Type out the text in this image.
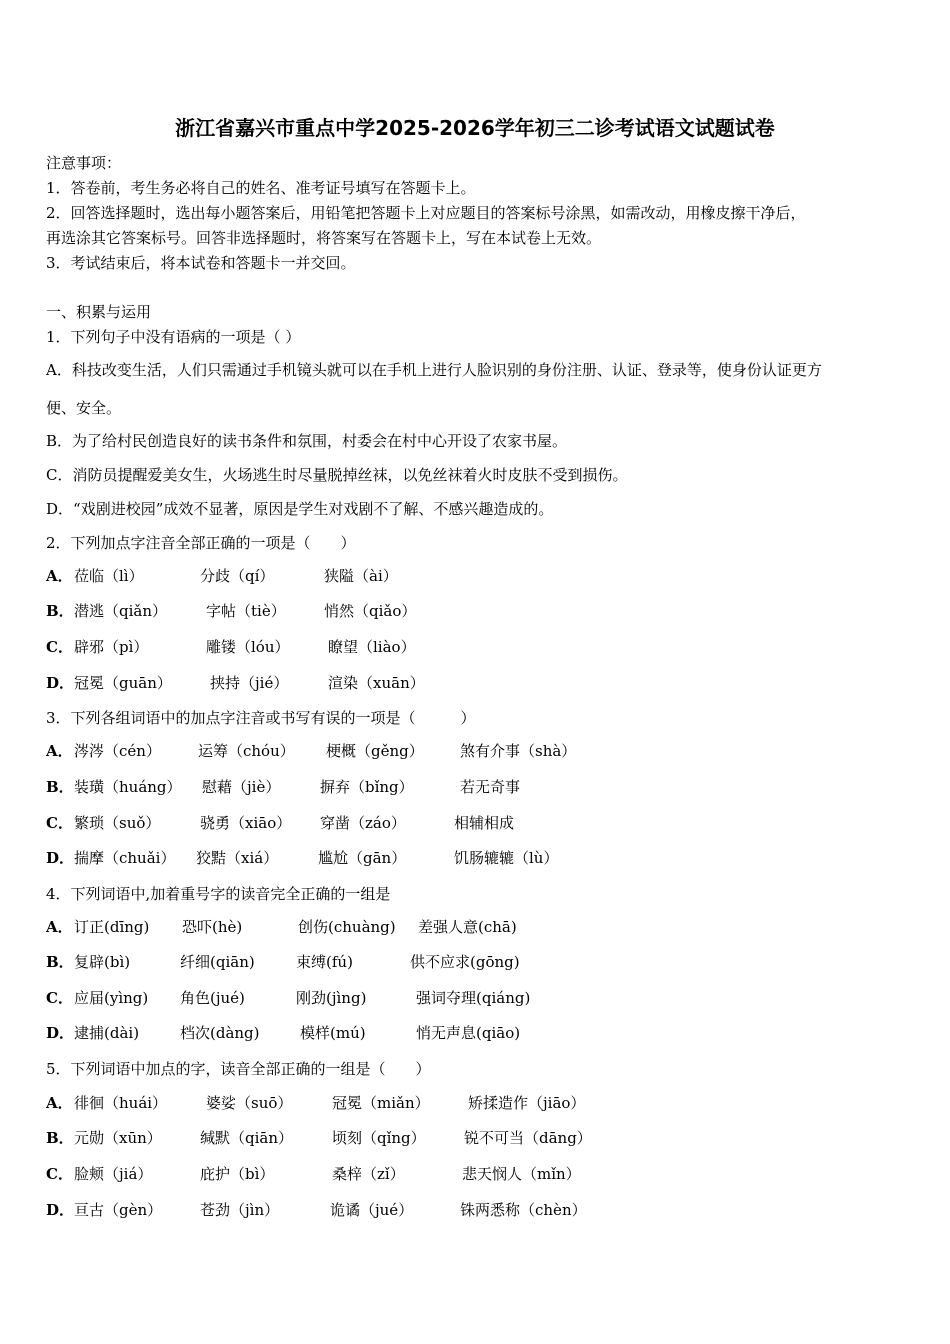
浙江省嘉兴市重点中学2025-2026学年初三二诊考试语文试题试卷
注意事项：
1．答卷前，考生务必将自己的姓名、准考证号填写在答题卡上。
2．回答选择题时，选出每小题答案后，用铅笔把答题卡上对应题目的答案标号涂黑，如需改动，用橡皮擦干净后，
再选涂其它答案标号。回答非选择题时，将答案写在答题卡上，写在本试卷上无效。
3．考试结束后，将本试卷和答题卡一并交回。
一、积累与运用
1．下列句子中没有语病的一项是（ ）
A．科技改变生活，人们只需通过手机镜头就可以在手机上进行人脸识别的身份注册、认证、登录等，使身份认证更方
便、安全。
B．为了给村民创造良好的读书条件和氛围，村委会在村中心开设了农家书屋。
C．消防员提醒爱美女生，火场逃生时尽量脱掉丝袜，以免丝袜着火时皮肤不受到损伤。
D．“戏剧进校园”成效不显著，原因是学生对戏剧不了解、不感兴趣造成的。
2．下列加点字注音全部正确的一项是（　　）
A． 莅临（lì）	分歧（qí）	狭隘（ài）
B． 潜逃（qiǎn）	字帖（tiè）	悄然（qiǎo）
C． 辟邪（pì）	雕镂（lóu）	瞭望（liào）
D． 冠冕（guān）	挟持（jié）	渲染（xuān）
3．下列各组词语中的加点字注音或书写有误的一项是（　　　）
A． 涔涔（cén） 运筹（chóu） 梗概（gěng） 煞有介事（shà）
B． 装璜（huáng） 慰藉（jiè）	摒弃（bǐng）	若无奇事
C． 繁琐（suǒ）	骁勇（xiāo） 穿凿（záo）	相辅相成
D． 揣摩（chuǎi） 狡黠（xiá）	尴尬（gān）	饥肠辘辘（lù）
4．下列词语中,加着重号字的读音完全正确的一组是
A． 订正(dīng) 恐吓(hè)	创伤(chuàng) 差强人意(chā)
B． 复辟(bì)	纤细(qiān)	束缚(fú)	供不应求(gōng)
C． 应届(yìng) 角色(jué)	刚劲(jìng)	强词夺理(qiáng)
D． 逮捕(dài)	档次(dàng)	模样(mú)	悄无声息(qiāo)
5．下列词语中加点的字，读音全部正确的一组是（　　）
A． 徘徊（huái）	婆娑（suō）	冠冕（miǎn）	矫揉造作（jiāo）
B． 元勋（xūn）	缄默（qiān）	顷刻（qǐng）	锐不可当（dāng）
C． 脸颊（jiá）	庇护（bì）	桑梓（zǐ）	悲天悯人（mǐn）
D． 亘古（gèn）	苍劲（jìn）	诡谲（jué）	铢两悉称（chèn）
